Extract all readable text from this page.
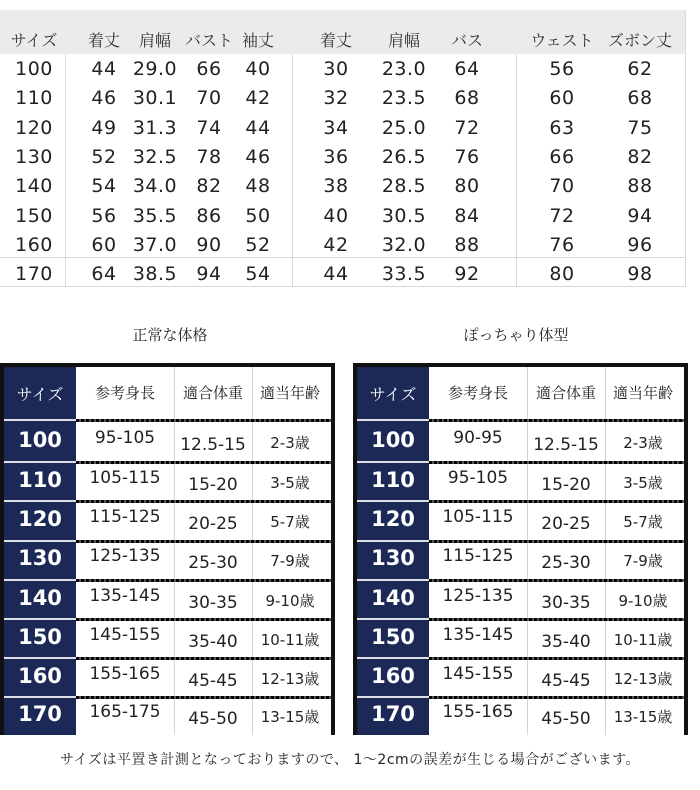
サイズ 着丈 肩幅 バスト 袖丈	着丈 肩幅 バス	ウェスト ズボン丈
100 44 29.0 66 40	30 23.0 64	56	62
110 46 30.1 70 42	32 23.5 68	60	68
120 49 31.3 74 44	34 25.0 72	63	75
130 52 32.5 78 46	36 26.5 76	66	82
140 54 34.0 82 48	38 28.5 80	70	88
150 56 35.5 86 50	40 30.5 84	72	94
160 60 37.0 90 52	42 32.0 88	76	96
170 64 38.5 94 54	44 33.5 92	80	98
正常な体格	ぽっちゃり体型
サイズ 参考身長 適合体重 適当年齢
100 95-105 12.5-15 2-3歳
110 105-115 15-20 3-5歳
120 115-125 20-25 5-7歳
130 125-135 25-30 7-9歳
140 135-145 30-35 9-10歳
150 145-155 35-40 10-11歳
160 155-165 45-45 12-13歳
170 165-175 45-50 13-15歳
サイズ 参考身長 適合体重 適当年齢
100 90-95 12.5-15 2-3歳
110 95-105 15-20 3-5歳
120 105-115 20-25 5-7歳
130 115-125 25-30 7-9歳
140 125-135 30-35 9-10歳
150 135-145 35-40 10-11歳
160 145-155 45-45 12-13歳
170 155-165 45-50 13-15歳
サイズは平置き計測となっておりますので、 1～2cmの誤差が生じる場合がございます。
